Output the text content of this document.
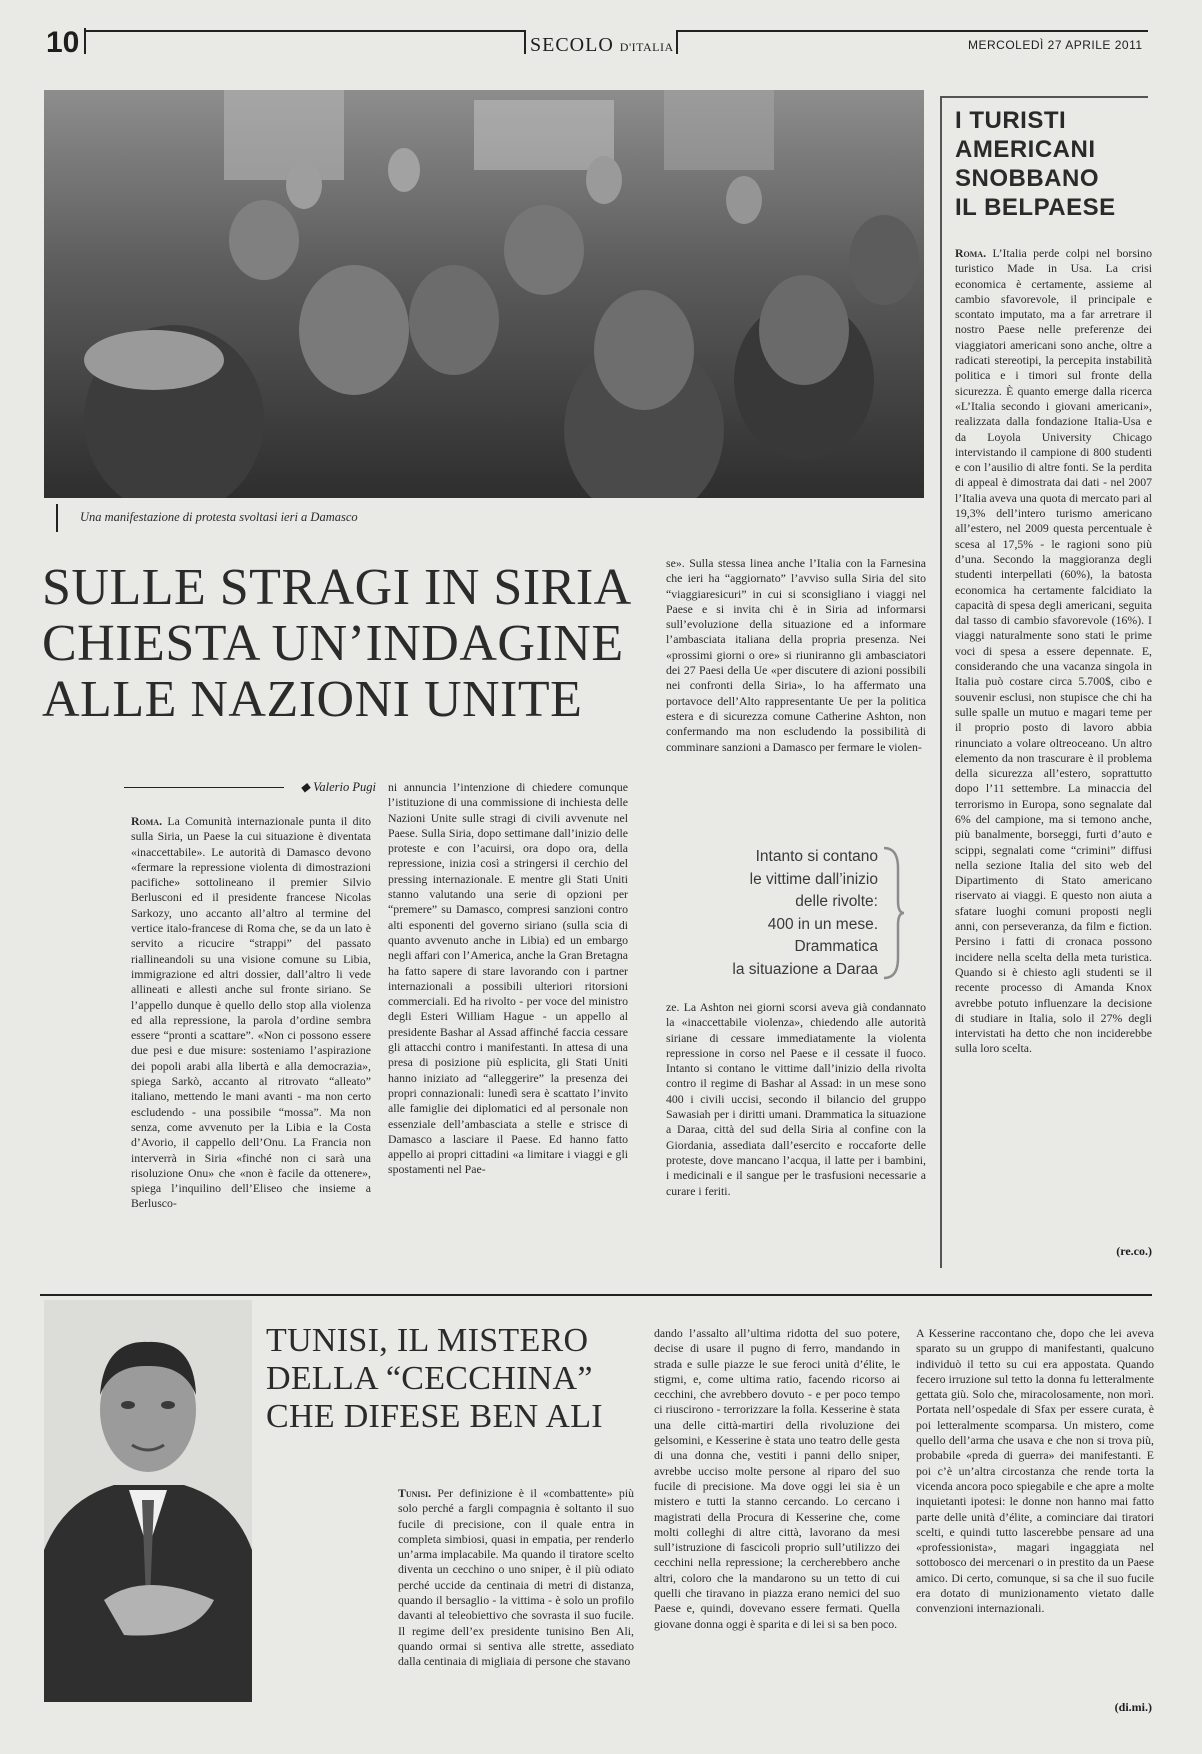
10	SECOLO D'ITALIA	MERCOLEDÌ 27 APRILE 2011
Una manifestazione di protesta svoltasi ieri a Damasco
SULLE STRAGI IN SIRIA
CHIESTA UN’INDAGINE
ALLE NAZIONI UNITE
◆ Valerio Pugi

Roma. La Comunità internazionale punta il dito sulla Siria, un Paese la cui situazione è diventata «inaccettabile». Le autorità di Damasco devono «fermare la repressione violenta di dimostrazioni pacifiche» sottolineano il premier Silvio Berlusconi ed il presidente francese Nicolas Sarkozy, uno accanto all’altro al termine del vertice italo-francese di Roma che, se da un lato è servito a ricucire “strappi” del passato riallineandoli su una visione comune su Libia, immigrazione ed altri dossier, dall’altro li vede allineati e allesti anche sul fronte siriano. Se l’appello dunque è quello dello stop alla violenza ed alla repressione, la parola d’ordine sembra essere “pronti a scattare”. «Non ci possono essere due pesi e due misure: sosteniamo l’aspirazione dei popoli arabi alla libertà e alla democrazia», spiega Sarkò, accanto al ritrovato “alleato” italiano, mettendo le mani avanti - ma non certo escludendo - una possibile “mossa”. Ma non senza, come avvenuto per la Libia e la Costa d’Avorio, il cappello dell’Onu. La Francia non interverrà in Siria «finché non ci sarà una risoluzione Onu» che «non è facile da ottenere», spiega l’inquilino dell’Eliseo che insieme a Berlusco-

ni annuncia l’intenzione di chiedere comunque l’istituzione di una commissione di inchiesta delle Nazioni Unite sulle stragi di civili avvenute nel Paese. Sulla Siria, dopo settimane dall’inizio delle proteste e con l’acuirsi, ora dopo ora, della repressione, inizia così a stringersi il cerchio del pressing internazionale. E mentre gli Stati Uniti stanno valutando una serie di opzioni per “premere” su Damasco, compresi sanzioni contro alti esponenti del governo siriano (sulla scia di quanto avvenuto anche in Libia) ed un embargo negli affari con l’America, anche la Gran Bretagna ha fatto sapere di stare lavorando con i partner internazionali a possibili ulteriori ritorsioni commerciali. Ed ha rivolto - per voce del ministro degli Esteri William Hague - un appello al presidente Bashar al Assad affinché faccia cessare gli attacchi contro i manifestanti. In attesa di una presa di posizione più esplicita, gli Stati Uniti hanno iniziato ad “alleggerire” la presenza dei propri connazionali: lunedì sera è scattato l’invito alle famiglie dei diplomatici ed al personale non essenziale dell’ambasciata a stelle e strisce di Damasco a lasciare il Paese. Ed hanno fatto appello ai propri cittadini «a limitare i viaggi e gli spostamenti nel Pae-

se». Sulla stessa linea anche l’Italia con la Farnesina che ieri ha “aggiornato” l’avviso sulla Siria del sito “viaggiaresicuri” in cui si sconsigliano i viaggi nel Paese e si invita chi è in Siria ad informarsi sull’evoluzione della situazione ed a informare l’ambasciata italiana della propria presenza. Nei «prossimi giorni o ore» si riuniranno gli ambasciatori dei 27 Paesi della Ue «per discutere di azioni possibili nei confronti della Siria», lo ha affermato una portavoce dell’Alto rappresentante Ue per la politica estera e di sicurezza comune Catherine Ashton, non confermando ma non escludendo la possibilità di comminare sanzioni a Damasco per fermare le violen-

Intanto si contano
le vittime dall’inizio
delle rivolte:
400 in un mese.
Drammatica
la situazione a Daraa

ze. La Ashton nei giorni scorsi aveva già condannato la «inaccettabile violenza», chiedendo alle autorità siriane di cessare immediatamente la violenta repressione in corso nel Paese e il cessate il fuoco. Intanto si contano le vittime dall’inizio della rivolta contro il regime di Bashar al Assad: in un mese sono 400 i civili uccisi, secondo il bilancio del gruppo Sawasiah per i diritti umani. Drammatica la situazione a Daraa, città del sud della Siria al confine con la Giordania, assediata dall’esercito e roccaforte delle proteste, dove mancano l’acqua, il latte per i bambini, i medicinali e il sangue per le trasfusioni necessarie a curare i feriti.

I TURISTI
AMERICANI
SNOBBANO
IL BELPAESE

Roma. L’Italia perde colpi nel borsino turistico Made in Usa. La crisi economica è certamente, assieme al cambio sfavorevole, il principale e scontato imputato, ma a far arretrare il nostro Paese nelle preferenze dei viaggiatori americani sono anche, oltre a radicati stereotipi, la percepita instabilità politica e i timori sul fronte della sicurezza. È quanto emerge dalla ricerca «L’Italia secondo i giovani americani», realizzata dalla fondazione Italia-Usa e da Loyola University Chicago intervistando il campione di 800 studenti e con l’ausilio di altre fonti. Se la perdita di appeal è dimostrata dai dati - nel 2007 l’Italia aveva una quota di mercato pari al 19,3% dell’intero turismo americano all’estero, nel 2009 questa percentuale è scesa al 17,5% - le ragioni sono più d’una. Secondo la maggioranza degli studenti interpellati (60%), la batosta economica ha certamente falcidiato la capacità di spesa degli americani, seguita dal tasso di cambio sfavorevole (16%). I viaggi naturalmente sono stati le prime voci di spesa a essere depennate. E, considerando che una vacanza singola in Italia può costare circa 5.700$, cibo e souvenir esclusi, non stupisce che chi ha sulle spalle un mutuo e magari teme per il proprio posto di lavoro abbia rinunciato a volare oltreoceano. Un altro elemento da non trascurare è il problema della sicurezza all’estero, soprattutto dopo l’11 settembre. La minaccia del terrorismo in Europa, sono segnalate dal 6% del campione, ma si temono anche, più banalmente, borseggi, furti d’auto e scippi, segnalati come “crimini” diffusi nella sezione Italia del sito web del Dipartimento di Stato americano riservato ai viaggi. E questo non aiuta a sfatare luoghi comuni proposti negli anni, con perseveranza, da film e fiction. Persino i fatti di cronaca possono incidere nella scelta della meta turistica. Quando si è chiesto agli studenti se il recente processo di Amanda Knox avrebbe potuto influenzare la decisione di studiare in Italia, solo il 27% degli intervistati ha detto che non inciderebbe sulla loro scelta.

(re.co.)
TUNISI, IL MISTERO
DELLA “CECCHINA”
CHE DIFESE BEN ALI

Tunisi. Per definizione è il «combattente» più solo perché a fargli compagnia è soltanto il suo fucile di precisione, con il quale entra in completa simbiosi, quasi in empatia, per renderlo un’arma implacabile. Ma quando il tiratore scelto diventa un cecchino o uno sniper, è il più odiato perché uccide da centinaia di metri di distanza, quando il bersaglio - la vittima - è solo un profilo davanti al teleobiettivo che sovrasta il suo fucile. Il regime dell’ex presidente tunisino Ben Ali, quando ormai si sentiva alle strette, assediato dalla centinaia di migliaia di persone che stavano

dando l’assalto all’ultima ridotta del suo potere, decise di usare il pugno di ferro, mandando in strada e sulle piazze le sue feroci unità d’élite, le stigmi, e, come ultima ratio, facendo ricorso ai cecchini, che avrebbero dovuto - e per poco tempo ci riuscirono - terrorizzare la folla. Kesserine è stata una delle città-martiri della rivoluzione dei gelsomini, e Kesserine è stata uno teatro delle gesta di una donna che, vestiti i panni dello sniper, avrebbe ucciso molte persone al riparo del suo fucile di precisione. Ma dove oggi lei sia è un mistero e tutti la stanno cercando. Lo cercano i magistrati della Procura di Kesserine che, come molti colleghi di altre città, lavorano da mesi sull’istruzione di fascicoli proprio sull’utilizzo dei cecchini nella repressione; la cercherebbero anche altri, coloro che la mandarono su un tetto di cui quelli che tiravano in piazza erano nemici del suo Paese e, quindi, dovevano essere fermati. Quella giovane donna oggi è sparita e di lei si sa ben poco.

A Kesserine raccontano che, dopo che lei aveva sparato su un gruppo di manifestanti, qualcuno individuò il tetto su cui era appostata. Quando fecero irruzione sul tetto la donna fu letteralmente gettata giù. Solo che, miracolosamente, non morì. Portata nell’ospedale di Sfax per essere curata, è poi letteralmente scomparsa. Un mistero, come quello dell’arma che usava e che non si trova più, probabile «preda di guerra» dei manifestanti. E poi c’è un’altra circostanza che rende torta la vicenda ancora poco spiegabile e che apre a molte inquietanti ipotesi: le donne non hanno mai fatto parte delle unità d’élite, a cominciare dai tiratori scelti, e quindi tutto lascerebbe pensare ad una «professionista», magari ingaggiata nel sottobosco dei mercenari o in prestito da un Paese amico. Di certo, comunque, si sa che il suo fucile era dotato di munizionamento vietato dalle convenzioni internazionali.

(di.mi.)
